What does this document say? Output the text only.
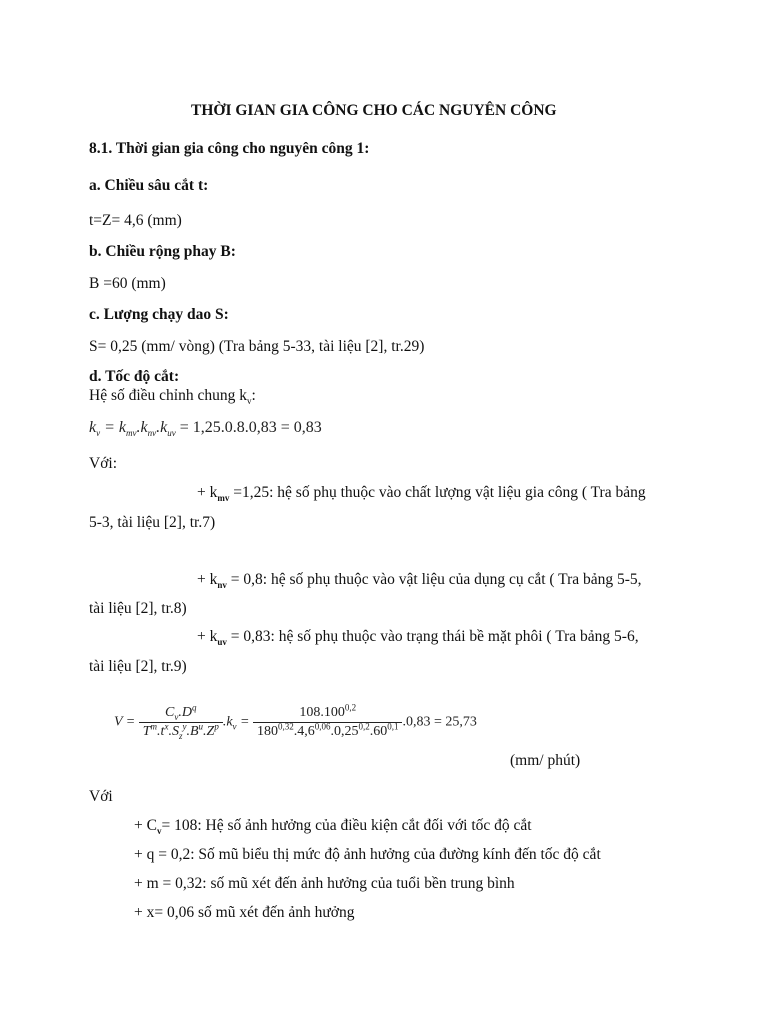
THỜI GIAN GIA CÔNG CHO CÁC NGUYÊN CÔNG
8.1. Thời gian gia công cho nguyên công 1:
a. Chiều sâu cắt t:
t=Z= 4,6 (mm)
b. Chiều rộng phay B:
B =60 (mm)
c. Lượng chạy dao S:
S= 0,25 (mm/ vòng) (Tra bảng 5-33, tài liệu [2], tr.29)
d. Tốc độ cắt:
Hệ số điều chỉnh chung $k_v$:
$k_v = k_{mv}.k_{nv}.k_{uv} = 1,25.0.8.0,83 = 0,83$
Với:
+ $k_{mv} =1,25$: hệ số phụ thuộc vào chất lượng vật liệu gia công ( Tra bảng
5-3, tài liệu [2], tr.7)
+ $k_{nv} = 0,8$: hệ số phụ thuộc vào vật liệu của dụng cụ cắt ( Tra bảng 5-5,
tài liệu [2], tr.8)
+ $k_{uv} = 0,83$: hệ số phụ thuộc vào trạng thái bề mặt phôi ( Tra bảng 5-6,
tài liệu [2], tr.9)
$V = \frac{C_v.D^q}{T^m.t^x.S_z^y.B^u.Z^p} .k_v = \frac{108.100^{0,2}}{180^{0,32}.4,6^{0,06}.0,25^{0,2}.60^{0,1}} .0,83 = 25,73$
(mm/ phút)
Với
+ $C_v= 108$: Hệ số ảnh hưởng của điều kiện cắt đối với tốc độ cắt
+ q = 0,2: Số mũ biểu thị mức độ ảnh hưởng của đường kính đến tốc độ cắt
+ m = 0,32: số mũ xét đến ảnh hưởng của tuổi bền trung bình
+ x= 0,06 số mũ xét đến ảnh hưởng
